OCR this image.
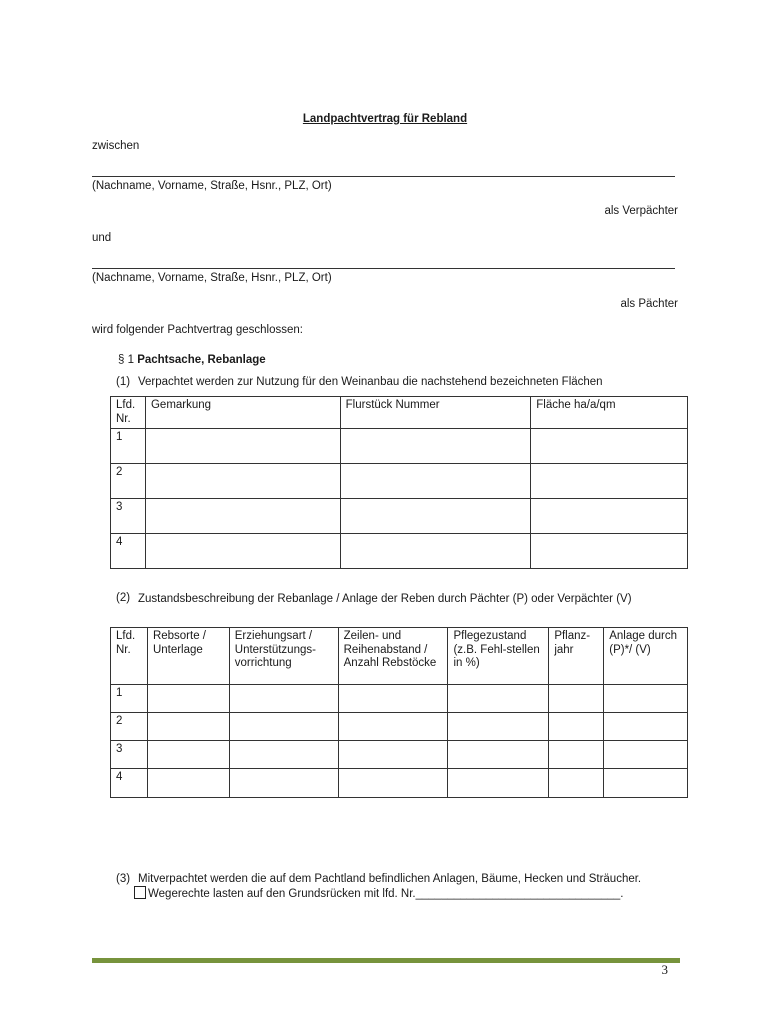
Landpachtvertrag für Rebland
zwischen
(Nachname, Vorname, Straße, Hsnr., PLZ, Ort)
als Verpächter
und
(Nachname, Vorname, Straße, Hsnr., PLZ, Ort)
als Pächter
wird folgender Pachtvertrag geschlossen:
§ 1 Pachtsache, Rebanlage
(1) Verpachtet werden zur Nutzung für den Weinanbau die nachstehend bezeichneten Flächen
Lfd. Nr.	Gemarkung	Flurstück Nummer	Fläche ha/a/qm
1			
2			
3			
4			
(2) Zustandsbeschreibung der Rebanlage / Anlage der Reben durch Pächter (P) oder Verpächter (V)
Lfd. Nr.	Rebsorte / Unterlage	Erziehungsart / Unterstützungs-vorrichtung	Zeilen- und Reihenabstand / Anzahl Rebstöcke	Pflegezustand (z.B. Fehl-stellen in %)	Pflanz-jahr	Anlage durch (P)*/ (V)
1						
2						
3						
4						
(3) Mitverpachtet werden die auf dem Pachtland befindlichen Anlagen, Bäume, Hecken und Sträucher.
Wegerechte lasten auf den Grundsrücken mit lfd. Nr.________________________________.
3
